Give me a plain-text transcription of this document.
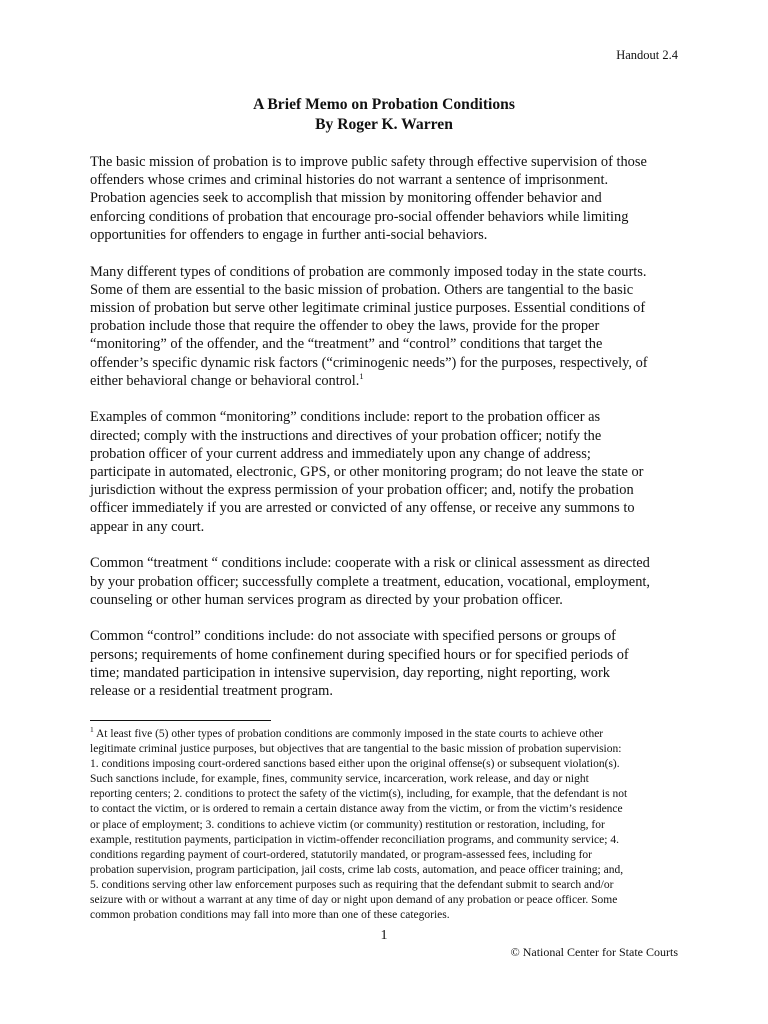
Handout 2.4
A Brief Memo on Probation Conditions
By Roger K. Warren

The basic mission of probation is to improve public safety through effective supervision of those
offenders whose crimes and criminal histories do not warrant a sentence of imprisonment.
Probation agencies seek to accomplish that mission by monitoring offender behavior and
enforcing conditions of probation that encourage pro-social offender behaviors while limiting
opportunities for offenders to engage in further anti-social behaviors.

Many different types of conditions of probation are commonly imposed today in the state courts.
Some of them are essential to the basic mission of probation. Others are tangential to the basic
mission of probation but serve other legitimate criminal justice purposes. Essential conditions of
probation include those that require the offender to obey the laws, provide for the proper
“monitoring” of the offender, and the “treatment” and “control” conditions that target the
offender’s specific dynamic risk factors (“criminogenic needs”) for the purposes, respectively, of
either behavioral change or behavioral control.$^1$

Examples of common “monitoring” conditions include: report to the probation officer as
directed; comply with the instructions and directives of your probation officer; notify the
probation officer of your current address and immediately upon any change of address;
participate in automated, electronic, GPS, or other monitoring program; do not leave the state or
jurisdiction without the express permission of your probation officer; and, notify the probation
officer immediately if you are arrested or convicted of any offense, or receive any summons to
appear in any court.

Common “treatment “ conditions include: cooperate with a risk or clinical assessment as directed
by your probation officer; successfully complete a treatment, education, vocational, employment,
counseling or other human services program as directed by your probation officer.

Common “control” conditions include: do not associate with specified persons or groups of
persons; requirements of home confinement during specified hours or for specified periods of
time; mandated participation in intensive supervision, day reporting, night reporting, work
release or a residential treatment program.

$^1$ At least five (5) other types of probation conditions are commonly imposed in the state courts to achieve other
legitimate criminal justice purposes, but objectives that are tangential to the basic mission of probation supervision:
1. conditions imposing court-ordered sanctions based either upon the original offense(s) or subsequent violation(s).
Such sanctions include, for example, fines, community service, incarceration, work release, and day or night
reporting centers; 2. conditions to protect the safety of the victim(s), including, for example, that the defendant is not
to contact the victim, or is ordered to remain a certain distance away from the victim, or from the victim’s residence
or place of employment; 3. conditions to achieve victim (or community) restitution or restoration, including, for
example, restitution payments, participation in victim-offender reconciliation programs, and community service; 4.
conditions regarding payment of court-ordered, statutorily mandated, or program-assessed fees, including for
probation supervision, program participation, jail costs, crime lab costs, automation, and peace officer training; and,
5. conditions serving other law enforcement purposes such as requiring that the defendant submit to search and/or
seizure with or without a warrant at any time of day or night upon demand of any probation or peace officer. Some
common probation conditions may fall into more than one of these categories.
1
© National Center for State Courts
